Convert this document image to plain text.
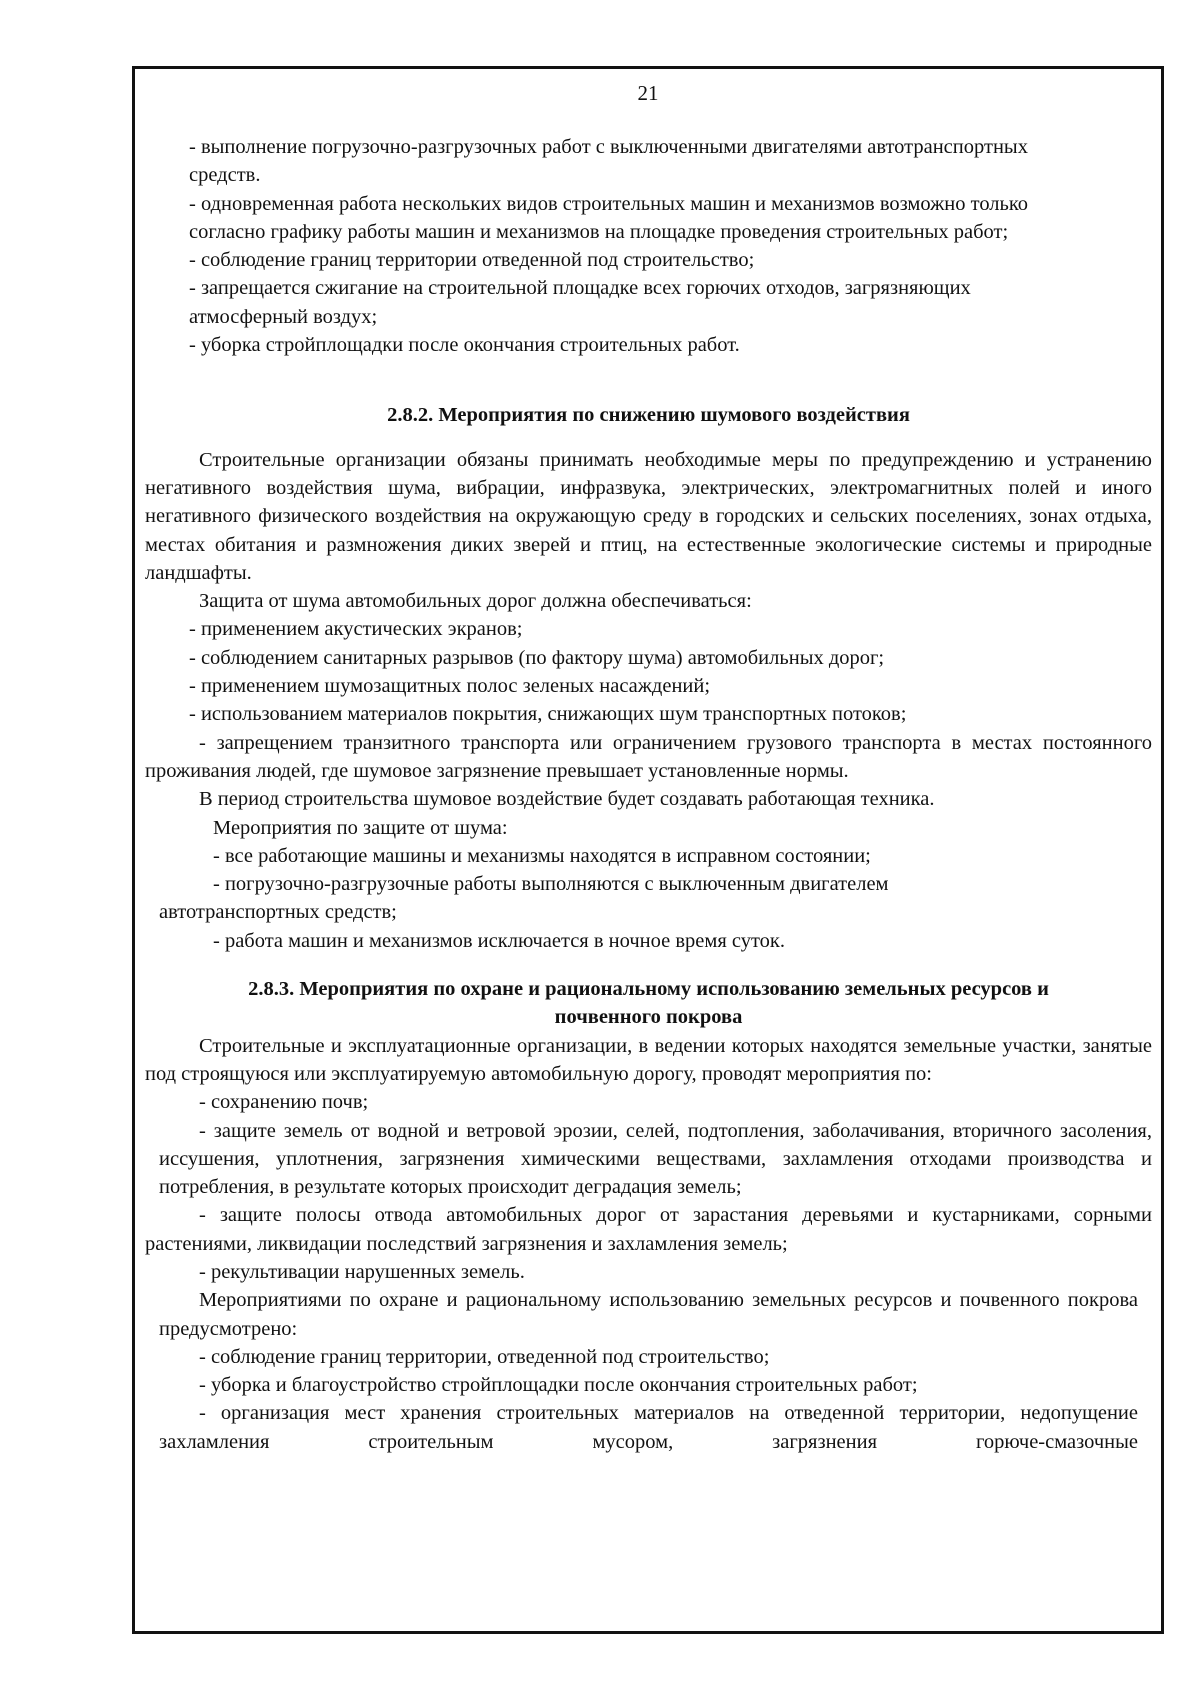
21

- выполнение погрузочно-разгрузочных работ с выключенными двигателями автотранспортных средств.

- одновременная работа нескольких видов строительных машин и механизмов возможно только согласно графику работы машин и механизмов на площадке проведения строительных работ;

- соблюдение границ территории отведенной под строительство;

- запрещается сжигание на строительной площадке всех горючих отходов, загрязняющих атмосферный воздух;

- уборка стройплощадки после окончания строительных работ.

2.8.2. Мероприятия по снижению шумового воздействия

Строительные организации обязаны принимать необходимые меры по предупреждению и устранению негативного воздействия шума, вибрации, инфразвука, электрических, электромагнитных полей и иного негативного физического воздействия на окружающую среду в городских и сельских поселениях, зонах отдыха, местах обитания и размножения диких зверей и птиц, на естественные экологические системы и природные ландшафты.

Защита от шума автомобильных дорог должна обеспечиваться:

- применением акустических экранов;

- соблюдением санитарных разрывов (по фактору шума) автомобильных дорог;

- применением шумозащитных полос зеленых насаждений;

- использованием материалов покрытия, снижающих шум транспортных потоков;

- запрещением транзитного транспорта или ограничением грузового транспорта в местах постоянного проживания людей, где шумовое загрязнение превышает установленные нормы.

В период строительства шумовое воздействие будет создавать работающая техника.

Мероприятия по защите от шума:

- все работающие машины и механизмы находятся в исправном состоянии;

- погрузочно-разгрузочные работы выполняются с выключенным двигателем автотранспортных средств;

- работа машин и механизмов исключается в ночное время суток.

2.8.3. Мероприятия по охране и рациональному использованию земельных ресурсов и
почвенного покрова

Строительные и эксплуатационные организации, в ведении которых находятся земельные участки, занятые под строящуюся или эксплуатируемую автомобильную дорогу, проводят мероприятия по:

- сохранению почв;

- защите земель от водной и ветровой эрозии, селей, подтопления, заболачивания, вторичного засоления, иссушения, уплотнения, загрязнения химическими веществами, захламления отходами производства и потребления, в результате которых происходит деградация земель;

- защите полосы отвода автомобильных дорог от зарастания деревьями и кустарниками, сорными растениями, ликвидации последствий загрязнения и захламления земель;

- рекультивации нарушенных земель.

Мероприятиями по охране и рациональному использованию земельных ресурсов и почвенного покрова предусмотрено:

- соблюдение границ территории, отведенной под строительство;

- уборка и благоустройство стройплощадки после окончания строительных работ;

- организация мест хранения строительных материалов на отведенной территории, недопущение захламления строительным мусором, загрязнения горюче-смазочные
